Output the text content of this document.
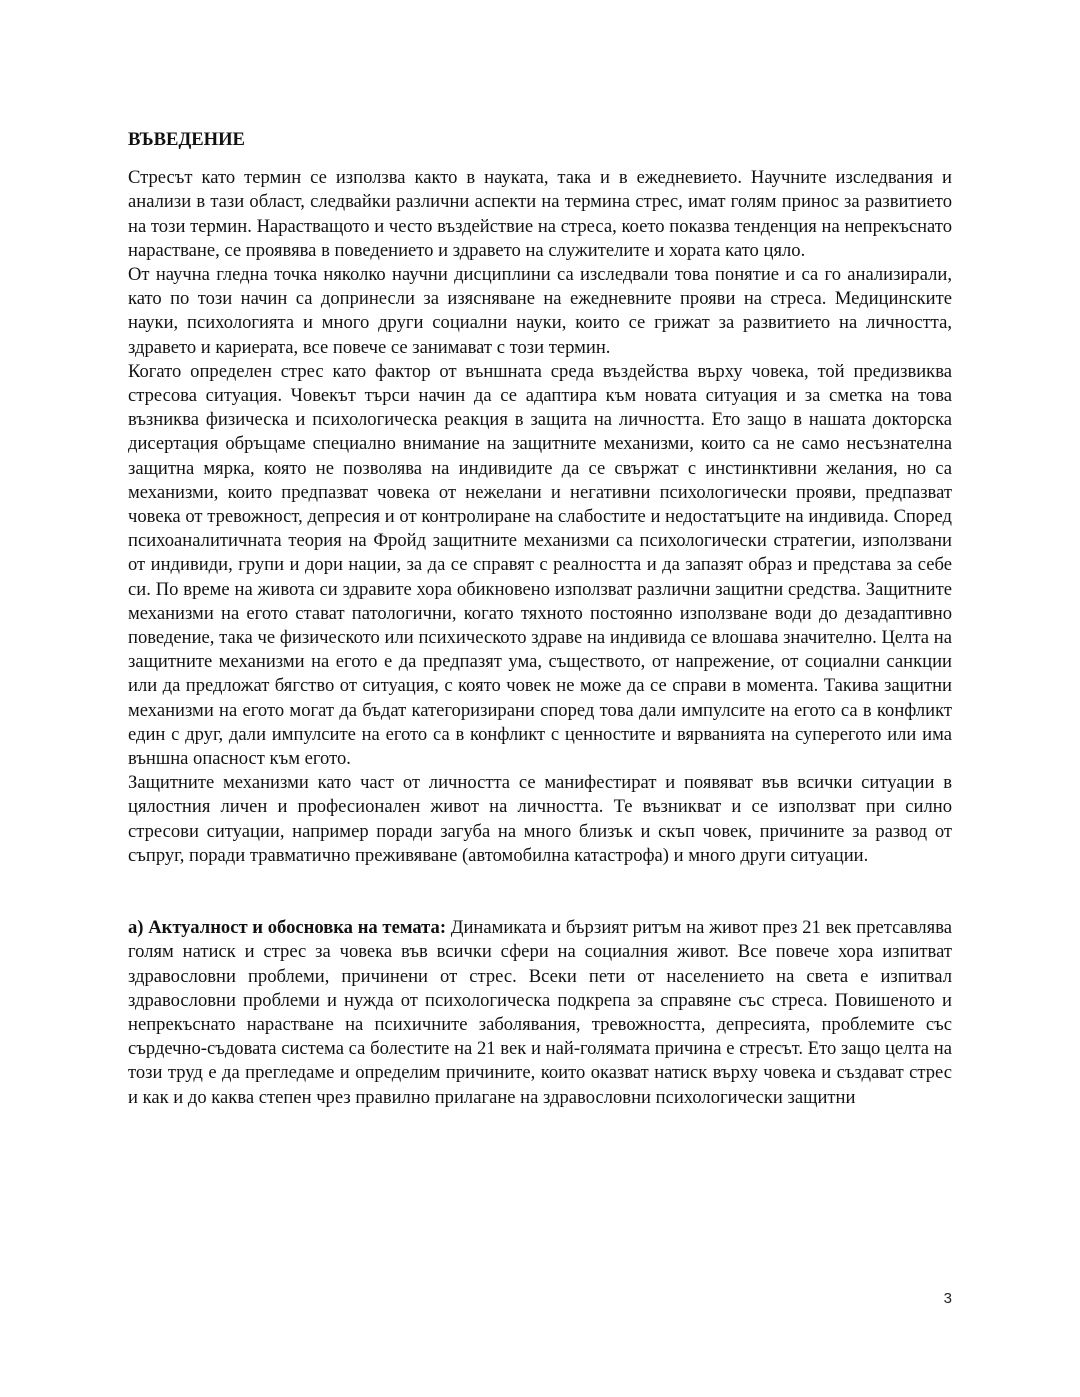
ВЪВЕДЕНИЕ

Стресът като термин се използва както в науката, така и в ежедневието. Научните изследвания и анализи в тази област, следвайки различни аспекти на термина стрес, имат голям принос за развитието на този термин. Нарастващото и често въздействие на стреса, което показва тенденция на непрекъснато нарастване, се проявява в поведението и здравето на служителите и хората като цяло.

От научна гледна точка няколко научни дисциплини са изследвали това понятие и са го анализирали, като по този начин са допринесли за изясняване на ежедневните прояви на стреса. Медицинските науки, психологията и много други социални науки, които се грижат за развитието на личността, здравето и кариерата, все повече се занимават с този термин.

Когато определен стрес като фактор от външната среда въздейства върху човека, той предизвиква стресова ситуация. Човекът търси начин да се адаптира към новата ситуация и за сметка на това възниква физическа и психологическа реакция в защита на личността. Ето защо в нашата докторска дисертация обръщаме специално внимание на защитните механизми, които са не само несъзнателна защитна мярка, която не позволява на индивидите да се свържат с инстинктивни желания, но са механизми, които предпазват човека от нежелани и негативни психологически прояви, предпазват човека от тревожност, депресия и от контролиране на слабостите и недостатъците на индивида. Според психоаналитичната теория на Фройд защитните механизми са психологически стратегии, използвани от индивиди, групи и дори нации, за да се справят с реалността и да запазят образ и представа за себе си. По време на живота си здравите хора обикновено използват различни защитни средства. Защитните механизми на егото стават патологични, когато тяхното постоянно използване води до дезадаптивно поведение, така че физическото или психическото здраве на индивида се влошава значително. Целта на защитните механизми на егото е да предпазят ума, съществото, от напрежение, от социални санкции или да предложат бягство от ситуация, с която човек не може да се справи в момента. Такива защитни механизми на егото могат да бъдат категоризирани според това дали импулсите на егото са в конфликт един с друг, дали импулсите на егото са в конфликт с ценностите и вярванията на суперегото или има външна опасност към егото.

Защитните механизми като част от личността се манифестират и появяват във всички ситуации в цялостния личен и професионален живот на личността. Те възникват и се използват при силно стресови ситуации, например поради загуба на много близък и скъп човек, причините за развод от съпруг, поради травматично преживяване (автомобилна катастрофа) и много други ситуации.

а) Актуалност и обосновка на темата: Динамиката и бързият ритъм на живот през 21 век претсавлява голям натиск и стрес за човека във всички сфери на социалния живот. Все повече хора изпитват здравословни проблеми, причинени от стрес. Всеки пети от населението на света е изпитвал здравословни проблеми и нужда от психологическа подкрепа за справяне със стреса. Повишеното и непрекъснато нарастване на психичните заболявания, тревожността, депресията, проблемите със сърдечно-съдовата система са болестите на 21 век и най-голямата причина е стресът. Ето защо целта на този труд е да прегледаме и определим причините, които оказват натиск върху човека и създават стрес и как и до каква степен чрез правилно прилагане на здравословни психологически защитни

3
